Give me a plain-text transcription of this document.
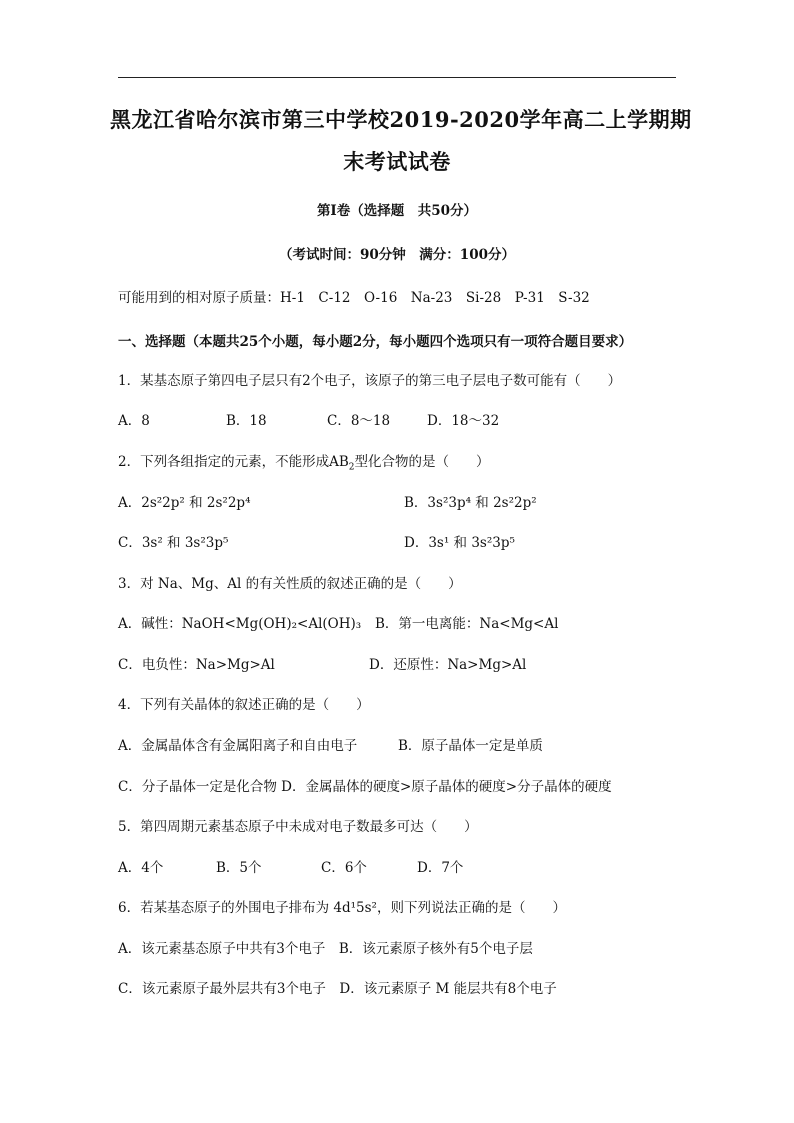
黑龙江省哈尔滨市第三中学校2019-2020学年高二上学期期
末考试试卷
第Ⅰ卷（选择题　共50分）
（考试时间：90分钟　满分：100分）
可能用到的相对原子质量：H-1　C-12　O-16　Na-23　Si-28　P-31　S-32
一、选择题（本题共25个小题，每小题2分，每小题四个选项只有一项符合题目要求）
1．某基态原子第四电子层只有2个电子，该原子的第三电子层电子数可能有（　　）
A．8	B．18	C．8～18	D．18～32
2．下列各组指定的元素，不能形成$AB_2$型化合物的是（　　）
A．2s²2p² 和 2s²2p⁴	B．3s²3p⁴ 和 2s²2p²
C．3s² 和 3s²3p⁵	D．3s¹ 和 3s²3p⁵
3．对 Na、Mg、Al 的有关性质的叙述正确的是（　　）
A．碱性：NaOH<Mg(OH)₂<Al(OH)₃ B．第一电离能：Na<Mg<Al
C．电负性：Na>Mg>Al	D．还原性：Na>Mg>Al
4．下列有关晶体的叙述正确的是（　　）
A．金属晶体含有金属阳离子和自由电子	B．原子晶体一定是单质
C．分子晶体一定是化合物 D．金属晶体的硬度>原子晶体的硬度>分子晶体的硬度
5．第四周期元素基态原子中未成对电子数最多可达（　　）
A．4个	B．5个	C．6个	D．7个
6．若某基态原子的外围电子排布为 4d¹5s²，则下列说法正确的是（　　）
A．该元素基态原子中共有3个电子　B．该元素原子核外有5个电子层
C．该元素原子最外层共有3个电子　D．该元素原子 M 能层共有8个电子
